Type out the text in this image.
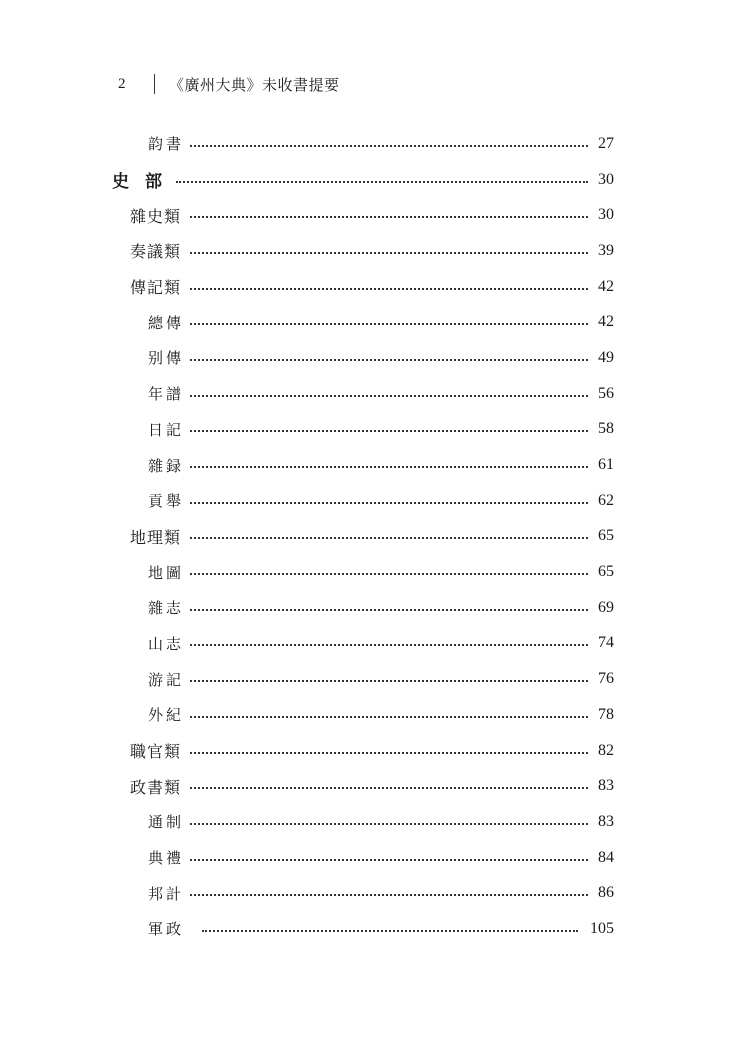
2	《廣州大典》未收書提要
韵書	27
史部	30
雜史類	30
奏議類	39
傳記類	42
總傳	42
别傳	49
年譜	56
日記	58
雜録	61
貢舉	62
地理類	65
地圖	65
雜志	69
山志	74
游記	76
外紀	78
職官類	82
政書類	83
通制	83
典禮	84
邦計	86
軍政	105
